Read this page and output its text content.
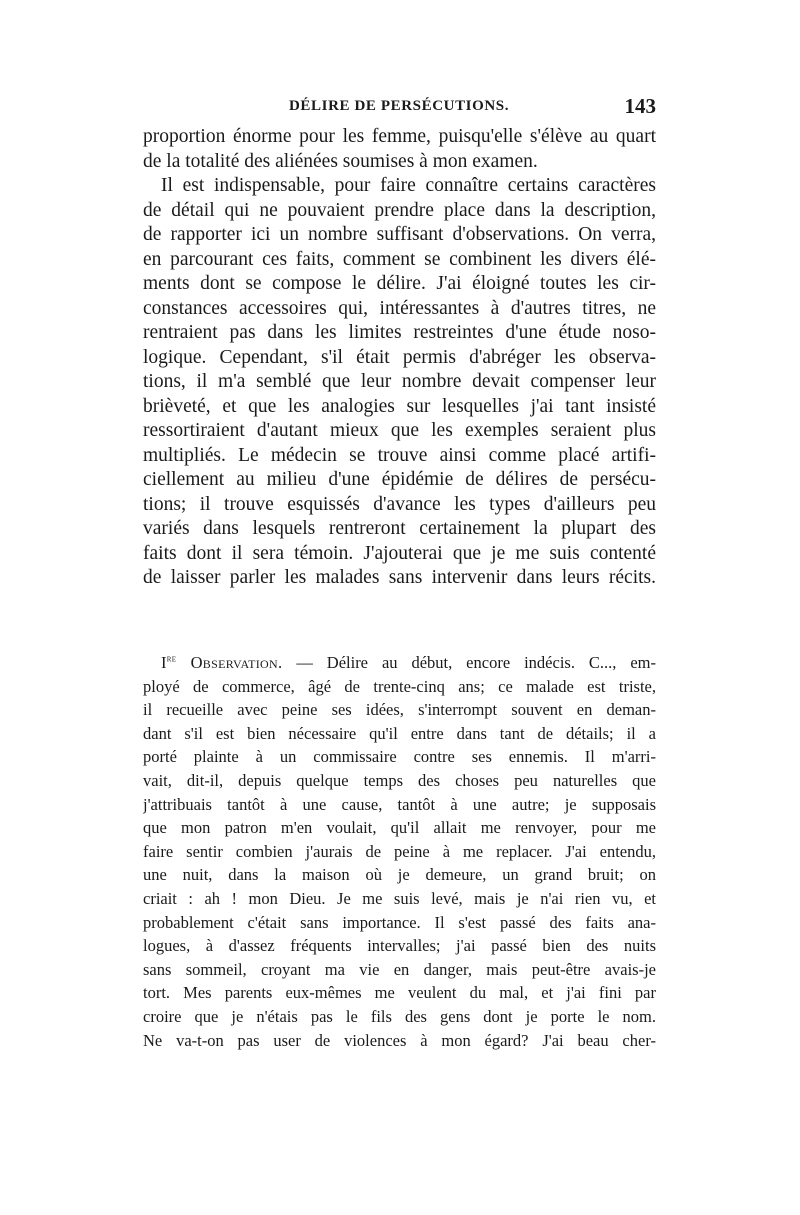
DÉLIRE DE PERSÉCUTIONS.	143
proportion énorme pour les femme, puisqu'elle s'élève au quart
de la totalité des aliénées soumises à mon examen.
Il est indispensable, pour faire connaître certains caractères
de détail qui ne pouvaient prendre place dans la description,
de rapporter ici un nombre suffisant d'observations. On verra,
en parcourant ces faits, comment se combinent les divers élé-
ments dont se compose le délire. J'ai éloigné toutes les cir-
constances accessoires qui, intéressantes à d'autres titres, ne
rentraient pas dans les limites restreintes d'une étude noso-
logique. Cependant, s'il était permis d'abréger les observa-
tions, il m'a semblé que leur nombre devait compenser leur
brièveté, et que les analogies sur lesquelles j'ai tant insisté
ressortiraient d'autant mieux que les exemples seraient plus
multipliés. Le médecin se trouve ainsi comme placé artifi-
ciellement au milieu d'une épidémie de délires de persécu-
tions; il trouve esquissés d'avance les types d'ailleurs peu
variés dans lesquels rentreront certainement la plupart des
faits dont il sera témoin. J'ajouterai que je me suis contenté
de laisser parler les malades sans intervenir dans leurs récits.
Ire Observation. — Délire au début, encore indécis. C..., em-
ployé de commerce, âgé de trente-cinq ans; ce malade est triste,
il recueille avec peine ses idées, s'interrompt souvent en deman-
dant s'il est bien nécessaire qu'il entre dans tant de détails; il a
porté plainte à un commissaire contre ses ennemis. Il m'arri-
vait, dit-il, depuis quelque temps des choses peu naturelles que
j'attribuais tantôt à une cause, tantôt à une autre; je supposais
que mon patron m'en voulait, qu'il allait me renvoyer, pour me
faire sentir combien j'aurais de peine à me replacer. J'ai entendu,
une nuit, dans la maison où je demeure, un grand bruit; on
criait : ah ! mon Dieu. Je me suis levé, mais je n'ai rien vu, et
probablement c'était sans importance. Il s'est passé des faits ana-
logues, à d'assez fréquents intervalles; j'ai passé bien des nuits
sans sommeil, croyant ma vie en danger, mais peut-être avais-je
tort. Mes parents eux-mêmes me veulent du mal, et j'ai fini par
croire que je n'étais pas le fils des gens dont je porte le nom.
Ne va-t-on pas user de violences à mon égard? J'ai beau cher-
